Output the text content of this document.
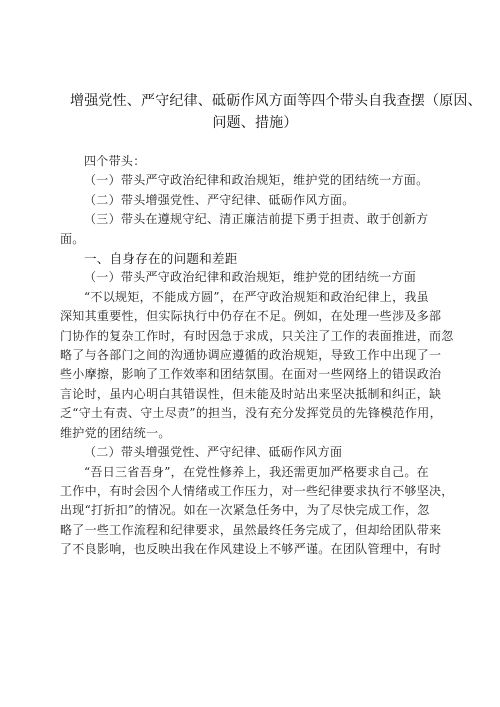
增强党性、严守纪律、砥砺作风方面等四个带头自我查摆（原因、
问题、措施）

四个带头：

（一）带头严守政治纪律和政治规矩，维护党的团结统一方面。

（二）带头增强党性、严守纪律、砥砺作风方面。

（三）带头在遵规守纪、清正廉洁前提下勇于担责、敢于创新方
面。

一、自身存在的问题和差距

（一）带头严守政治纪律和政治规矩，维护党的团结统一方面

“不以规矩，不能成方圆”，在严守政治规矩和政治纪律上，我虽
深知其重要性，但实际执行中仍存在不足。例如，在处理一些涉及多部
门协作的复杂工作时，有时因急于求成，只关注了工作的表面推进，而忽
略了与各部门之间的沟通协调应遵循的政治规矩，导致工作中出现了一
些小摩擦，影响了工作效率和团结氛围。在面对一些网络上的错误政治
言论时，虽内心明白其错误性，但未能及时站出来坚决抵制和纠正，缺
乏“守土有责、守土尽责”的担当，没有充分发挥党员的先锋模范作用，
维护党的团结统一。

（二）带头增强党性、严守纪律、砥砺作风方面

“吾日三省吾身”，在党性修养上，我还需更加严格要求自己。在
工作中，有时会因个人情绪或工作压力，对一些纪律要求执行不够坚决，
出现“打折扣”的情况。如在一次紧急任务中，为了尽快完成工作，忽
略了一些工作流程和纪律要求，虽然最终任务完成了，但却给团队带来
了不良影响，也反映出我在作风建设上不够严谨。在团队管理中，有时
